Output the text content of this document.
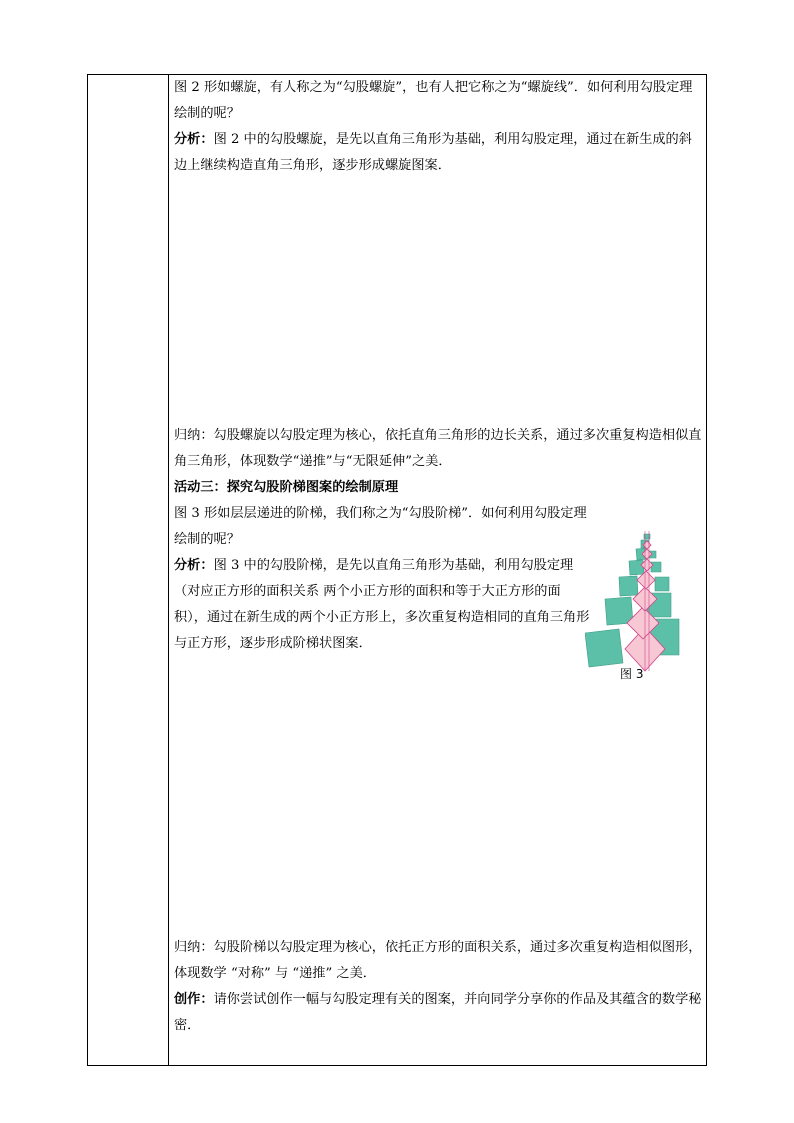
图 2 形如螺旋，有人称之为“勾股螺旋”，也有人把它称之为“螺旋线”．如何利用勾股定理绘制的呢？
分析：图 2 中的勾股螺旋，是先以直角三角形为基础，利用勾股定理，通过在新生成的斜边上继续构造直角三角形，逐步形成螺旋图案．
归纳：勾股螺旋以勾股定理为核心，依托直角三角形的边长关系，通过多次重复构造相似直角三角形，体现数学“递推”与“无限延伸”之美．
活动三：探究勾股阶梯图案的绘制原理
图 3 形如层层递进的阶梯，我们称之为“勾股阶梯”．如何利用勾股定理绘制的呢？
分析：图 3 中的勾股阶梯，是先以直角三角形为基础，利用勾股定理（对应正方形的面积关系 两个小正方形的面积和等于大正方形的面积），通过在新生成的两个小正方形上，多次重复构造相同的直角三角形与正方形，逐步形成阶梯状图案．
图 3
归纳：勾股阶梯以勾股定理为核心，依托正方形的面积关系，通过多次重复构造相似图形，体现数学 “对称” 与 “递推” 之美．
创作：请你尝试创作一幅与勾股定理有关的图案，并向同学分享你的作品及其蕴含的数学秘密．
